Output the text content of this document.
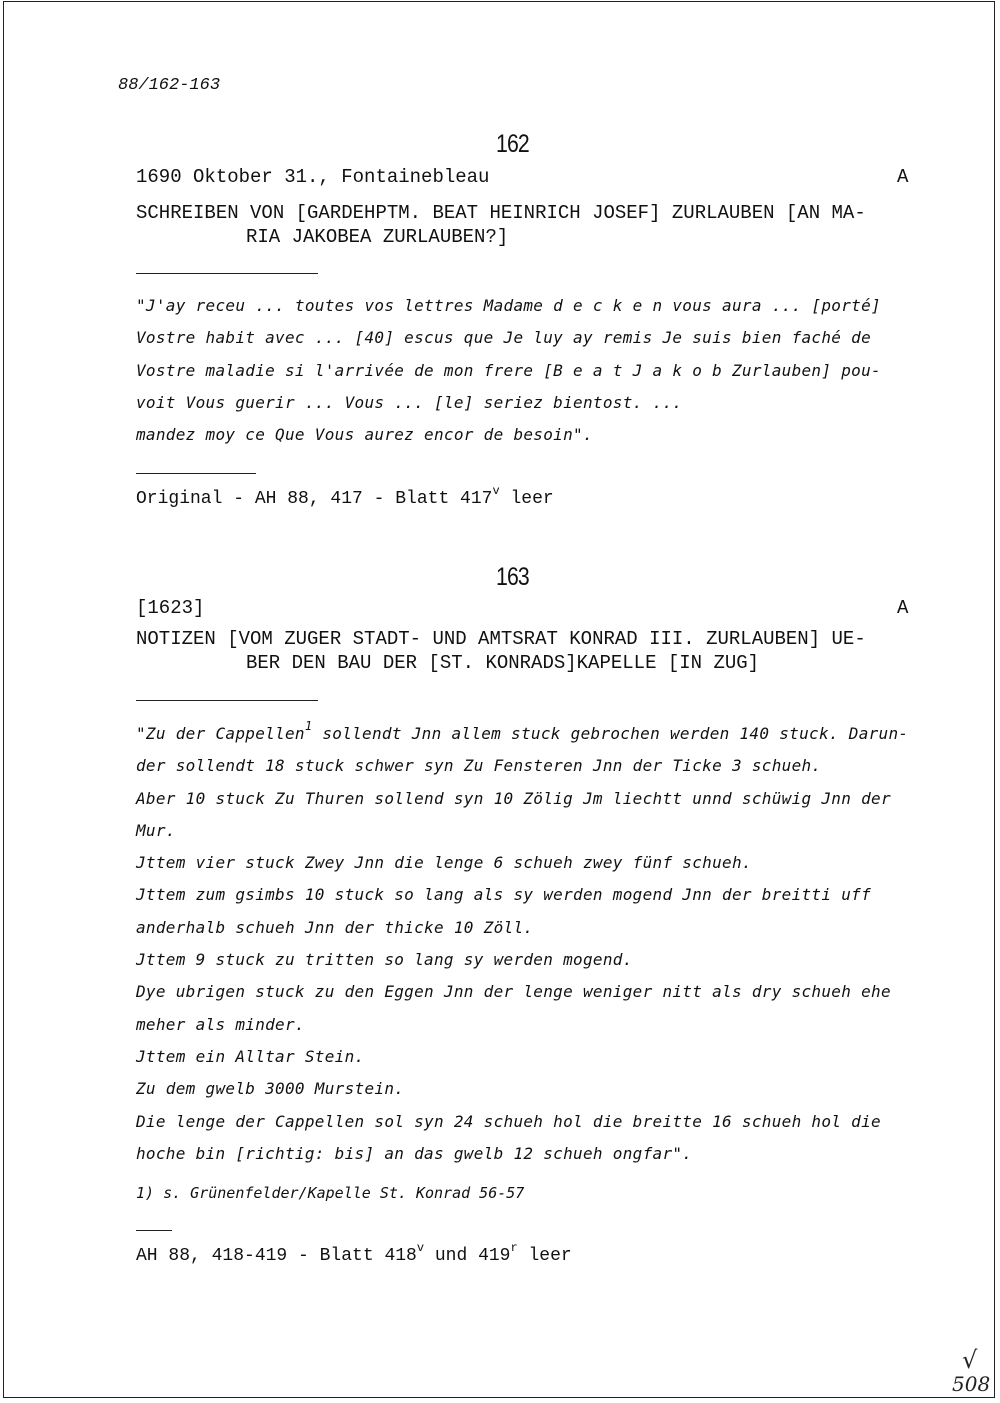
88/162-163
162
1690 Oktober 31., Fontainebleau	A
SCHREIBEN VON [GARDEHPTM. BEAT HEINRICH JOSEF] ZURLAUBEN [AN MA-
RIA JAKOBEA ZURLAUBEN?]

"J'ay receu ... toutes vos lettres Madame d e c k e n vous aura ... [porté]

Vostre habit avec ... [40] escus que Je luy ay remis Je suis bien faché de

Vostre maladie si l'arrivée de mon frere [B e a t J a k o b Zurlauben] pou-

voit Vous guerir ... Vous ... [le] seriez bientost. ...

mandez moy ce Que Vous aurez encor de besoin".

Original - AH 88, 417 - Blatt 417$^v$ leer
163
[1623]	A
NOTIZEN [VOM ZUGER STADT- UND AMTSRAT KONRAD III. ZURLAUBEN] UE-
BER DEN BAU DER [ST. KONRADS]KAPELLE [IN ZUG]

"Zu der Cappellen$^1$ sollendt Jnn allem stuck gebrochen werden 140 stuck. Darun-

der sollendt 18 stuck schwer syn Zu Fensteren Jnn der Ticke 3 schueh.

Aber 10 stuck Zu Thuren sollend syn 10 Zölig Jm liechtt unnd schüwig Jnn der

Mur.

Jttem vier stuck Zwey Jnn die lenge 6 schueh zwey fünf schueh.

Jttem zum gsimbs 10 stuck so lang als sy werden mogend Jnn der breitti uff

anderhalb schueh Jnn der thicke 10 Zöll.

Jttem 9 stuck zu tritten so lang sy werden mogend.

Dye ubrigen stuck zu den Eggen Jnn der lenge weniger nitt als dry schueh ehe

meher als minder.

Jttem ein Alltar Stein.

Zu dem gwelb 3000 Murstein.

Die lenge der Cappellen sol syn 24 schueh hol die breitte 16 schueh hol die

hoche bin [richtig: bis] an das gwelb 12 schueh ongfar".

1) s. Grünenfelder/Kapelle St. Konrad 56-57
AH 88, 418-419 - Blatt 418$^v$ und 419$^r$ leer
√
508
